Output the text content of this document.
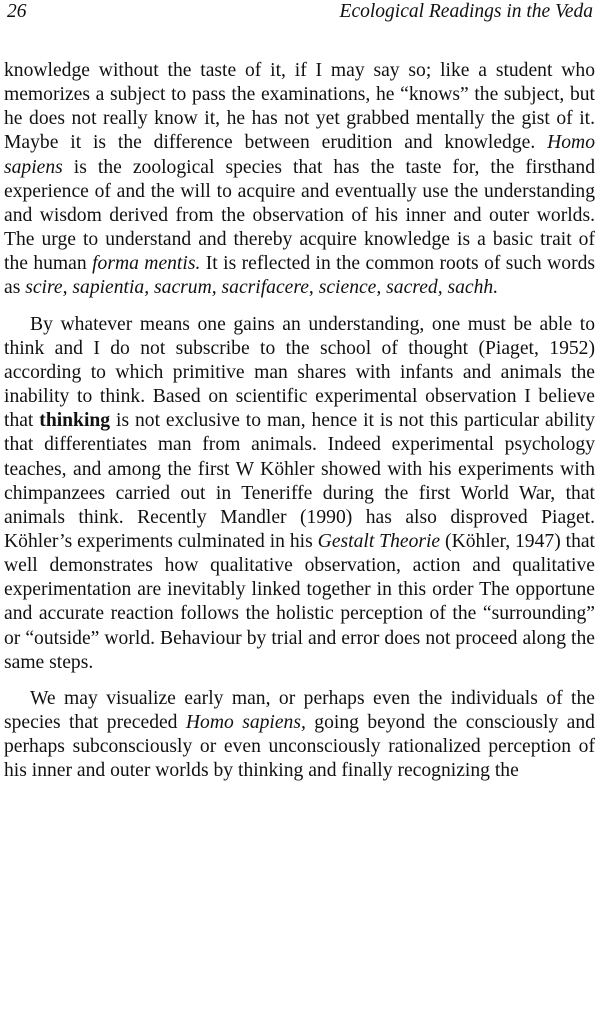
26	Ecological Readings in the Veda

knowledge without the taste of it, if I may say so; like a student who memorizes a subject to pass the examinations, he “knows” the subject, but he does not really know it, he has not yet grabbed mentally the gist of it. Maybe it is the difference between erudition and knowledge. Homo sapiens is the zoological species that has the taste for, the firsthand experience of and the will to acquire and eventually use the understanding and wisdom derived from the observation of his inner and outer worlds. The urge to understand and thereby acquire knowledge is a basic trait of the human forma mentis. It is reflected in the common roots of such words as scire, sapientia, sacrum, sacrifacere, science, sacred, sachh.

By whatever means one gains an understanding, one must be able to think and I do not subscribe to the school of thought (Piaget, 1952) according to which primitive man shares with infants and animals the inability to think. Based on scientific experimental observation I believe that thinking is not exclusive to man, hence it is not this particular ability that differentiates man from animals. Indeed experimental psychology teaches, and among the first W Köhler showed with his experiments with chimpanzees carried out in Teneriffe during the first World War, that animals think. Recently Mandler (1990) has also disproved Piaget. Köhler’s experiments culminated in his Gestalt Theorie (Köhler, 1947) that well demonstrates how qualitative observation, action and qualitative experimentation are inevitably linked together in this order The opportune and accurate reaction follows the holistic perception of the “surrounding” or “outside” world. Behaviour by trial and error does not proceed along the same steps.

We may visualize early man, or perhaps even the individuals of the species that preceded Homo sapiens, going beyond the consciously and perhaps subconsciously or even unconsciously rationalized perception of his inner and outer worlds by thinking and finally recognizing the
